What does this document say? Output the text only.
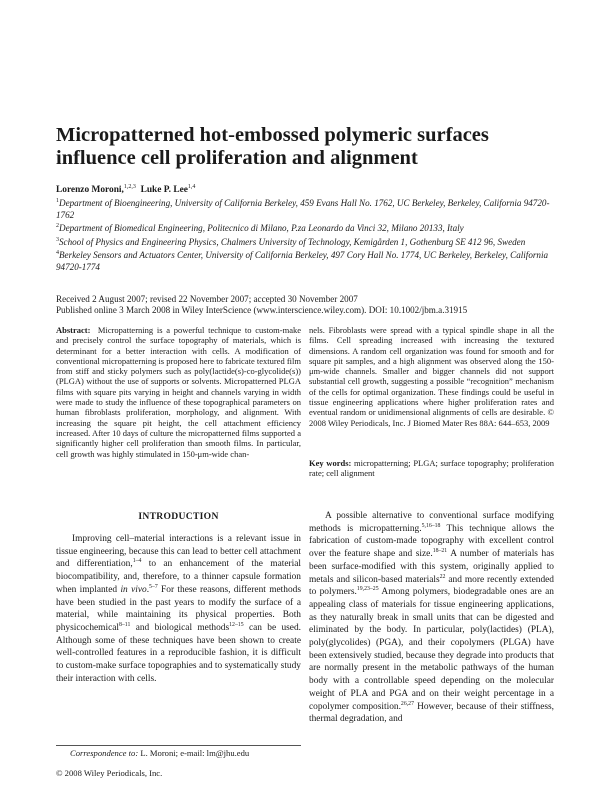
Micropatterned hot-embossed polymeric surfaces influence cell proliferation and alignment
Lorenzo Moroni,$^{1,2,3}$ Luke P. Lee$^{1,4}$

$^1$Department of Bioengineering, University of California Berkeley, 459 Evans Hall No. 1762, UC Berkeley, Berkeley, California 94720-1762

$^2$Department of Biomedical Engineering, Politecnico di Milano, P.za Leonardo da Vinci 32, Milano 20133, Italy

$^3$School of Physics and Engineering Physics, Chalmers University of Technology, Kemigården 1, Gothenburg SE 412 96, Sweden

$^4$Berkeley Sensors and Actuators Center, University of California Berkeley, 497 Cory Hall No. 1774, UC Berkeley, Berkeley, California 94720-1774

Received 2 August 2007; revised 22 November 2007; accepted 30 November 2007

Published online 3 March 2008 in Wiley InterScience (www.interscience.wiley.com). DOI: 10.1002/jbm.a.31915

Abstract: Micropatterning is a powerful technique to custom-make and precisely control the surface topography of materials, which is determinant for a better interaction with cells. A modification of conventional micropatterning is proposed here to fabricate textured film from stiff and sticky polymers such as poly(lactide(s)-co-glycolide(s)) (PLGA) without the use of supports or solvents. Micropatterned PLGA films with square pits varying in height and channels varying in width were made to study the influence of these topographical parameters on human fibroblasts proliferation, morphology, and alignment. With increasing the square pit height, the cell attachment efficiency increased. After 10 days of culture the micropatterned films supported a significantly higher cell proliferation than smooth films. In particular, cell growth was highly stimulated in 150-μm-wide chan-

nels. Fibroblasts were spread with a typical spindle shape in all the films. Cell spreading increased with increasing the textured dimensions. A random cell organization was found for smooth and for square pit samples, and a high alignment was observed along the 150-μm-wide channels. Smaller and bigger channels did not support substantial cell growth, suggesting a possible “recognition” mechanism of the cells for optimal organization. These findings could be useful in tissue engineering applications where higher proliferation rates and eventual random or unidimensional alignments of cells are desirable. © 2008 Wiley Periodicals, Inc. J Biomed Mater Res 88A: 644–653, 2009

Key words: micropatterning; PLGA; surface topography; proliferation rate; cell alignment

INTRODUCTION

Improving cell–material interactions is a relevant issue in tissue engineering, because this can lead to better cell attachment and differentiation,$^{1-4}$ to an enhancement of the material biocompatibility, and, therefore, to a thinner capsule formation when implanted in vivo.$^{5-7}$ For these reasons, different methods have been studied in the past years to modify the surface of a material, while maintaining its physical properties. Both physicochemical$^{8-11}$ and biological methods$^{12-15}$ can be used. Although some of these techniques have been shown to create well-controlled features in a reproducible fashion, it is difficult to custom-make surface topographies and to systematically study their interaction with cells.

A possible alternative to conventional surface modifying methods is micropatterning.$^{5,16-18}$ This technique allows the fabrication of custom-made topography with excellent control over the feature shape and size.$^{18-21}$ A number of materials has been surface-modified with this system, originally applied to metals and silicon-based materials$^{22}$ and more recently extended to polymers.$^{19,23-25}$ Among polymers, biodegradable ones are an appealing class of materials for tissue engineering applications, as they naturally break in small units that can be digested and eliminated by the body. In particular, poly(lactides) (PLA), poly(glycolides) (PGA), and their copolymers (PLGA) have been extensively studied, because they degrade into products that are normally present in the metabolic pathways of the human body with a controllable speed depending on the molecular weight of PLA and PGA and on their weight percentage in a copolymer composition.$^{26,27}$ However, because of their stiffness, thermal degradation, and

Correspondence to: L. Moroni; e-mail: lm@jhu.edu

© 2008 Wiley Periodicals, Inc.
